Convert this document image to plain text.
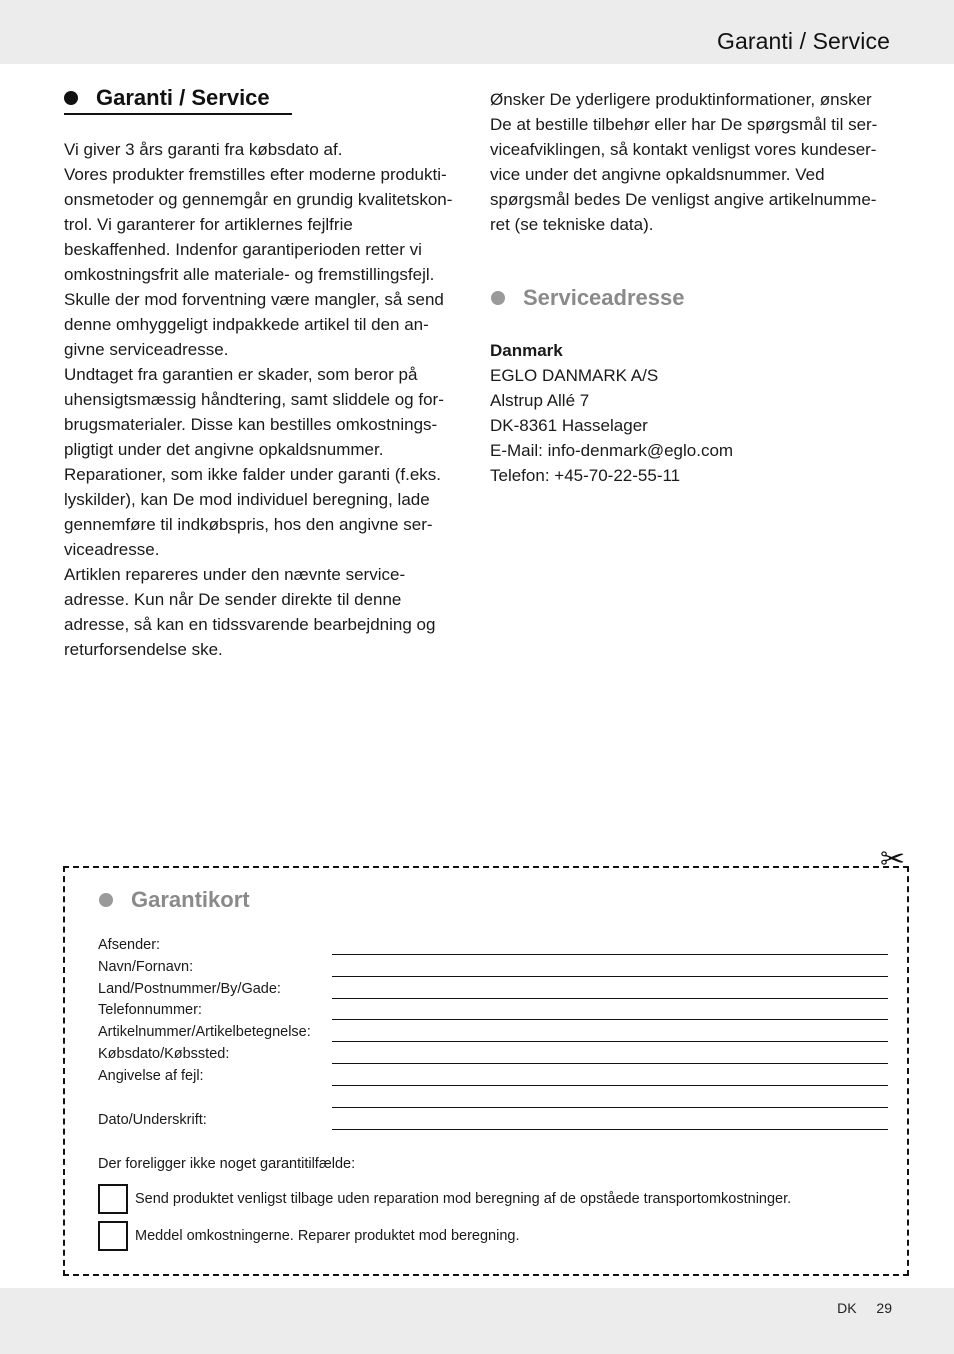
Garanti / Service
Garanti / Service
Vi giver 3 års garanti fra købsdato af.
Vores produkter fremstilles efter moderne produkti-
onsmetoder og gennemgår en grundig kvalitetskon-
trol. Vi garanterer for artiklernes fejlfrie
beskaffenhed. Indenfor garantiperioden retter vi
omkostningsfrit alle materiale- og fremstillingsfejl.
Skulle der mod forventning være mangler, så send
denne omhyggeligt indpakkede artikel til den an-
givne serviceadresse.
Undtaget fra garantien er skader, som beror på
uhensigtsmæssig håndtering, samt sliddele og for-
brugsmaterialer. Disse kan bestilles omkostnings-
pligtigt under det angivne opkaldsnummer.
Reparationer, som ikke falder under garanti (f.eks.
lyskilder), kan De mod individuel beregning, lade
gennemføre til indkøbspris, hos den angivne ser-
viceadresse.
Artiklen repareres under den nævnte service-
adresse. Kun når De sender direkte til denne
adresse, så kan en tidssvarende bearbejdning og
returforsendelse ske.
Ønsker De yderligere produktinformationer, ønsker
De at bestille tilbehør eller har De spørgsmål til ser-
viceafviklingen, så kontakt venligst vores kundeser-
vice under det angivne opkaldsnummer. Ved
spørgsmål bedes De venligst angive artikelnumme-
ret (se tekniske data).
Serviceadresse
Danmark
EGLO DANMARK A/S
Alstrup Allé 7
DK-8361 Hasselager
E-Mail: info-denmark@eglo.com
Telefon: +45-70-22-55-11
✂
Garantikort
Afsender:
Navn/Fornavn:
Land/Postnummer/By/Gade:
Telefonnummer:
Artikelnummer/Artikelbetegnelse:
Købsdato/Købssted:
Angivelse af fejl:
Dato/Underskrift:
Der foreligger ikke noget garantitilfælde:
Send produktet venligst tilbage uden reparation mod beregning af de opståede transportomkostninger.
Meddel omkostningerne. Reparer produktet mod beregning.
DK 29
